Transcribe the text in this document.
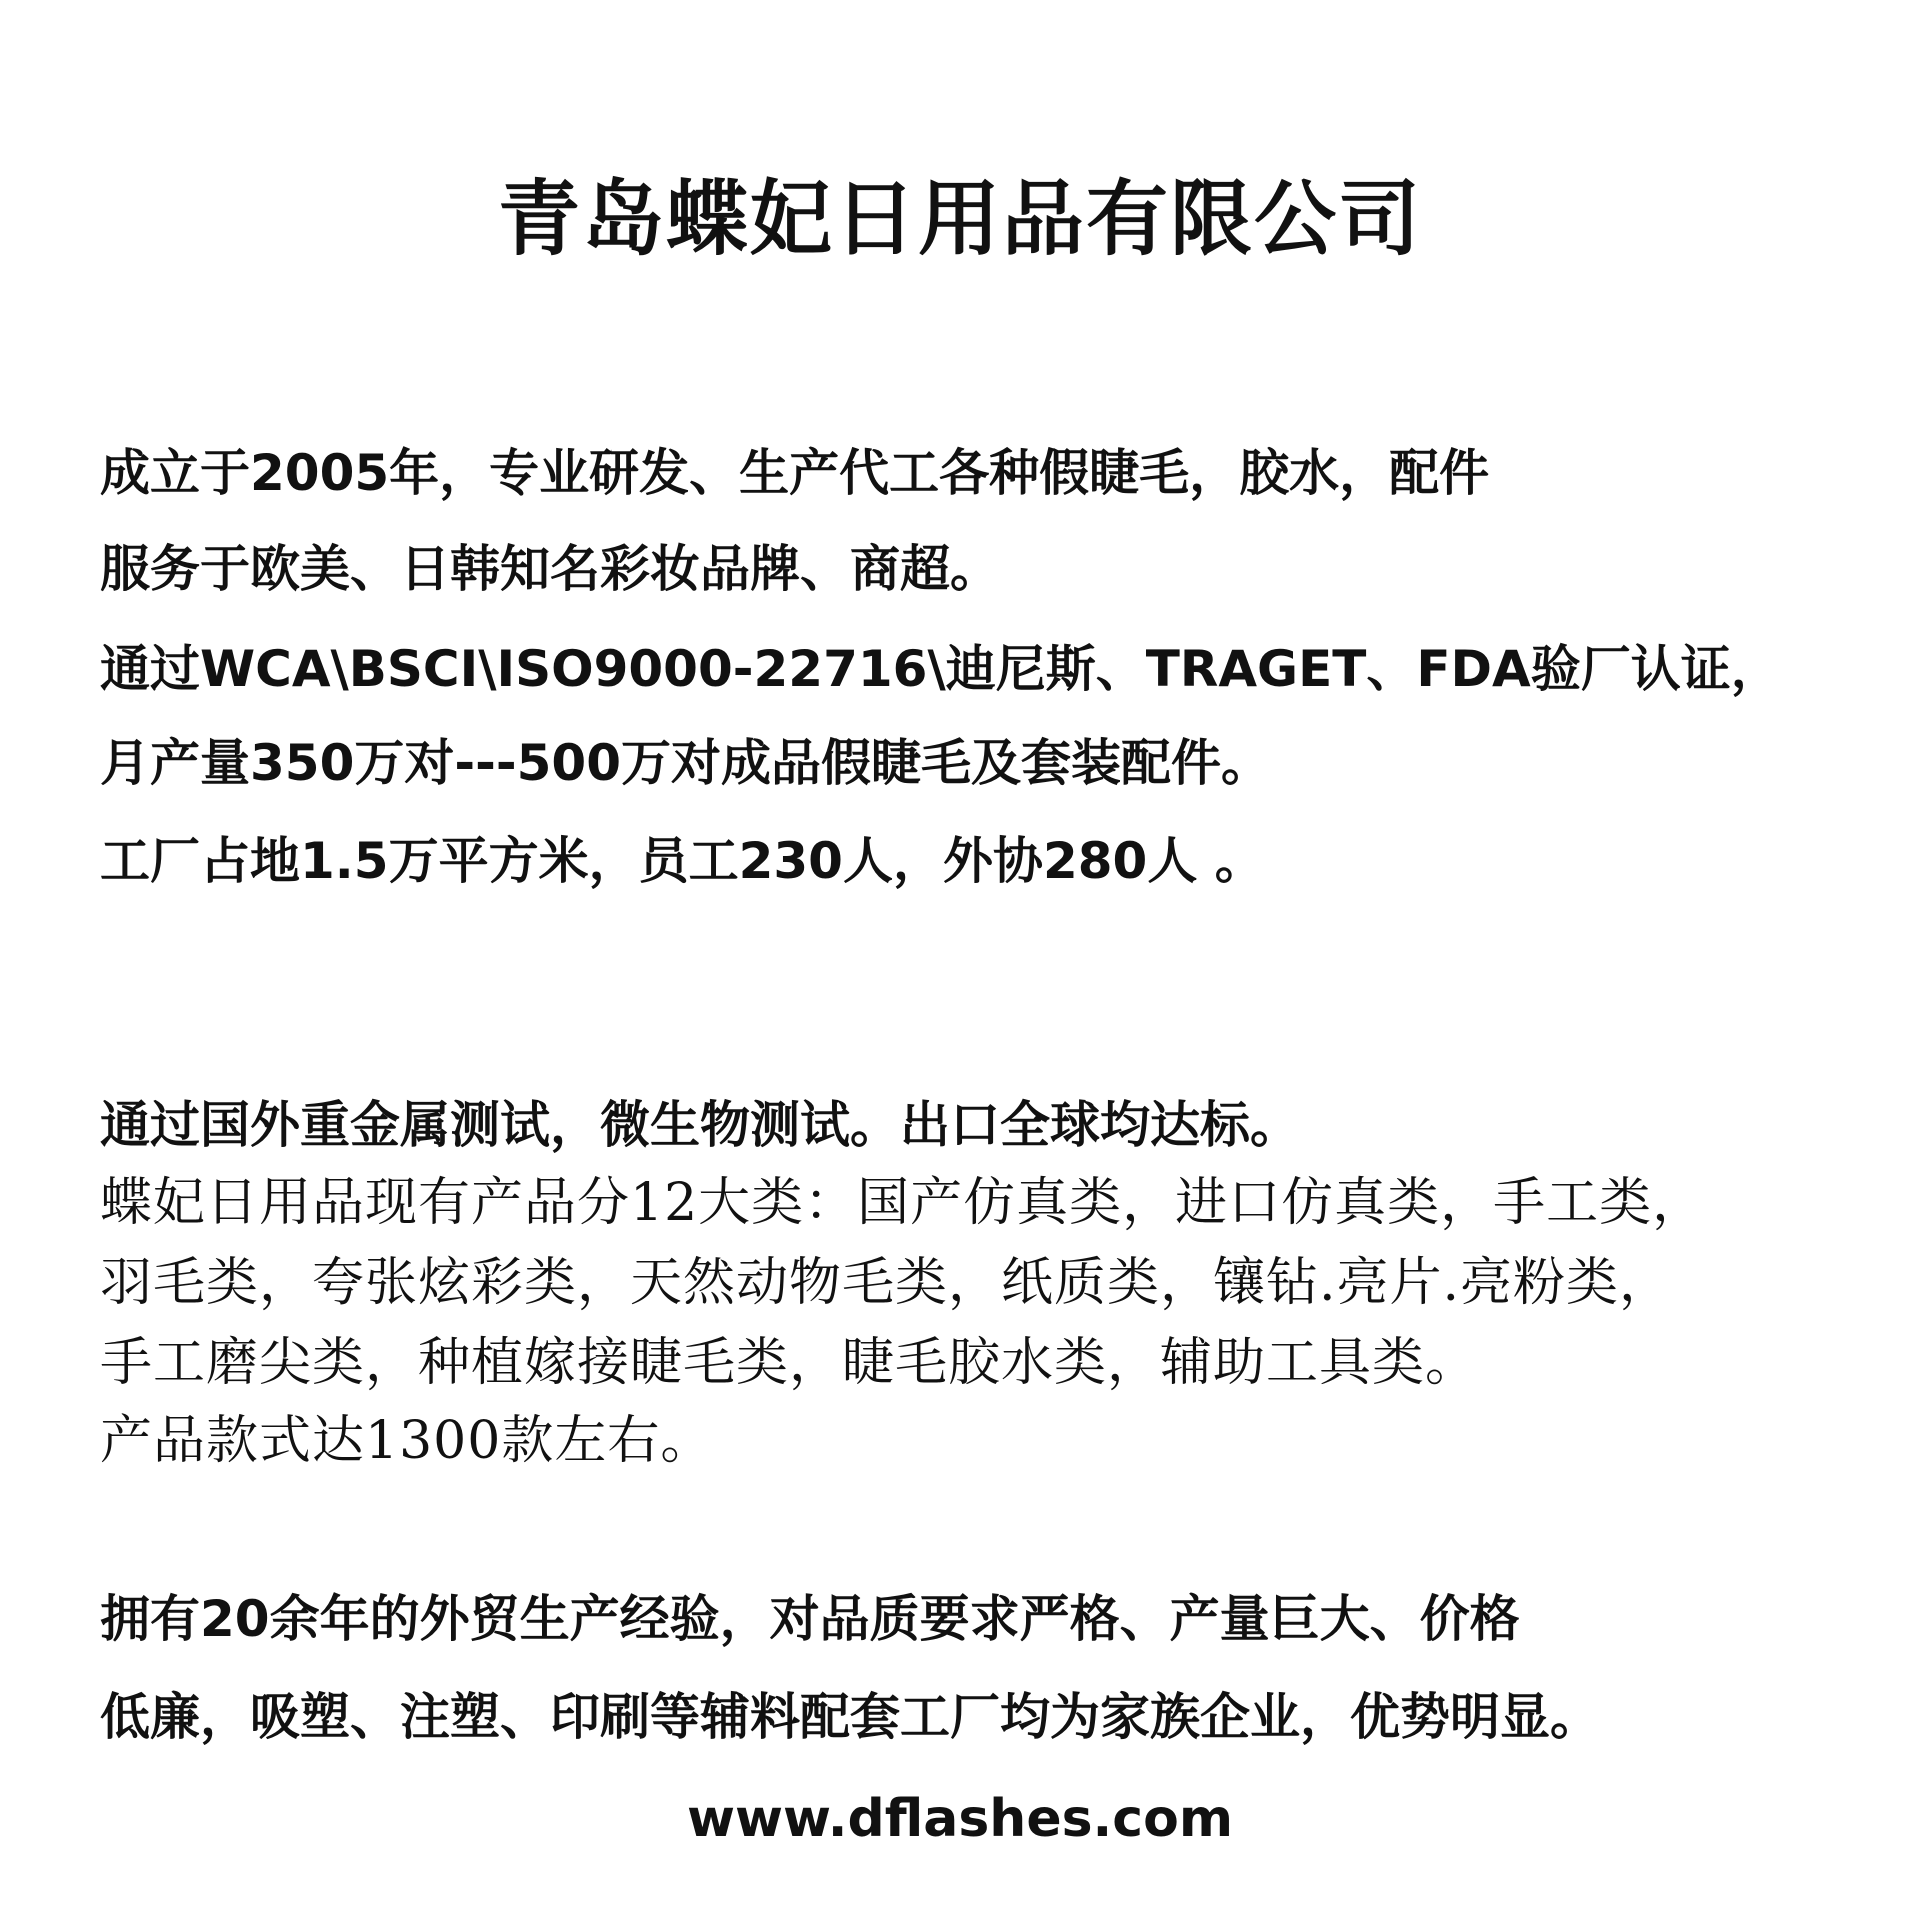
青岛蝶妃日用品有限公司
成立于2005年，专业研发、生产代工各种假睫毛，胶水，配件
服务于欧美、日韩知名彩妆品牌、商超。
通过WCA\BSCI\ISO9000-22716\迪尼斯、TRAGET、FDA验厂认证，
月产量350万对---500万对成品假睫毛及套装配件。
工厂占地1.5万平方米，员工230人，外协280人 。
通过国外重金属测试，微生物测试。出口全球均达标。
蝶妃日用品现有产品分12大类：国产仿真类，进口仿真类，手工类，
羽毛类，夸张炫彩类，天然动物毛类，纸质类，镶钻.亮片.亮粉类，
手工磨尖类，种植嫁接睫毛类，睫毛胶水类，辅助工具类。
产品款式达1300款左右。
拥有20余年的外贸生产经验，对品质要求严格、产量巨大、价格
低廉，吸塑、注塑、印刷等辅料配套工厂均为家族企业，优势明显。
www.dflashes.com
